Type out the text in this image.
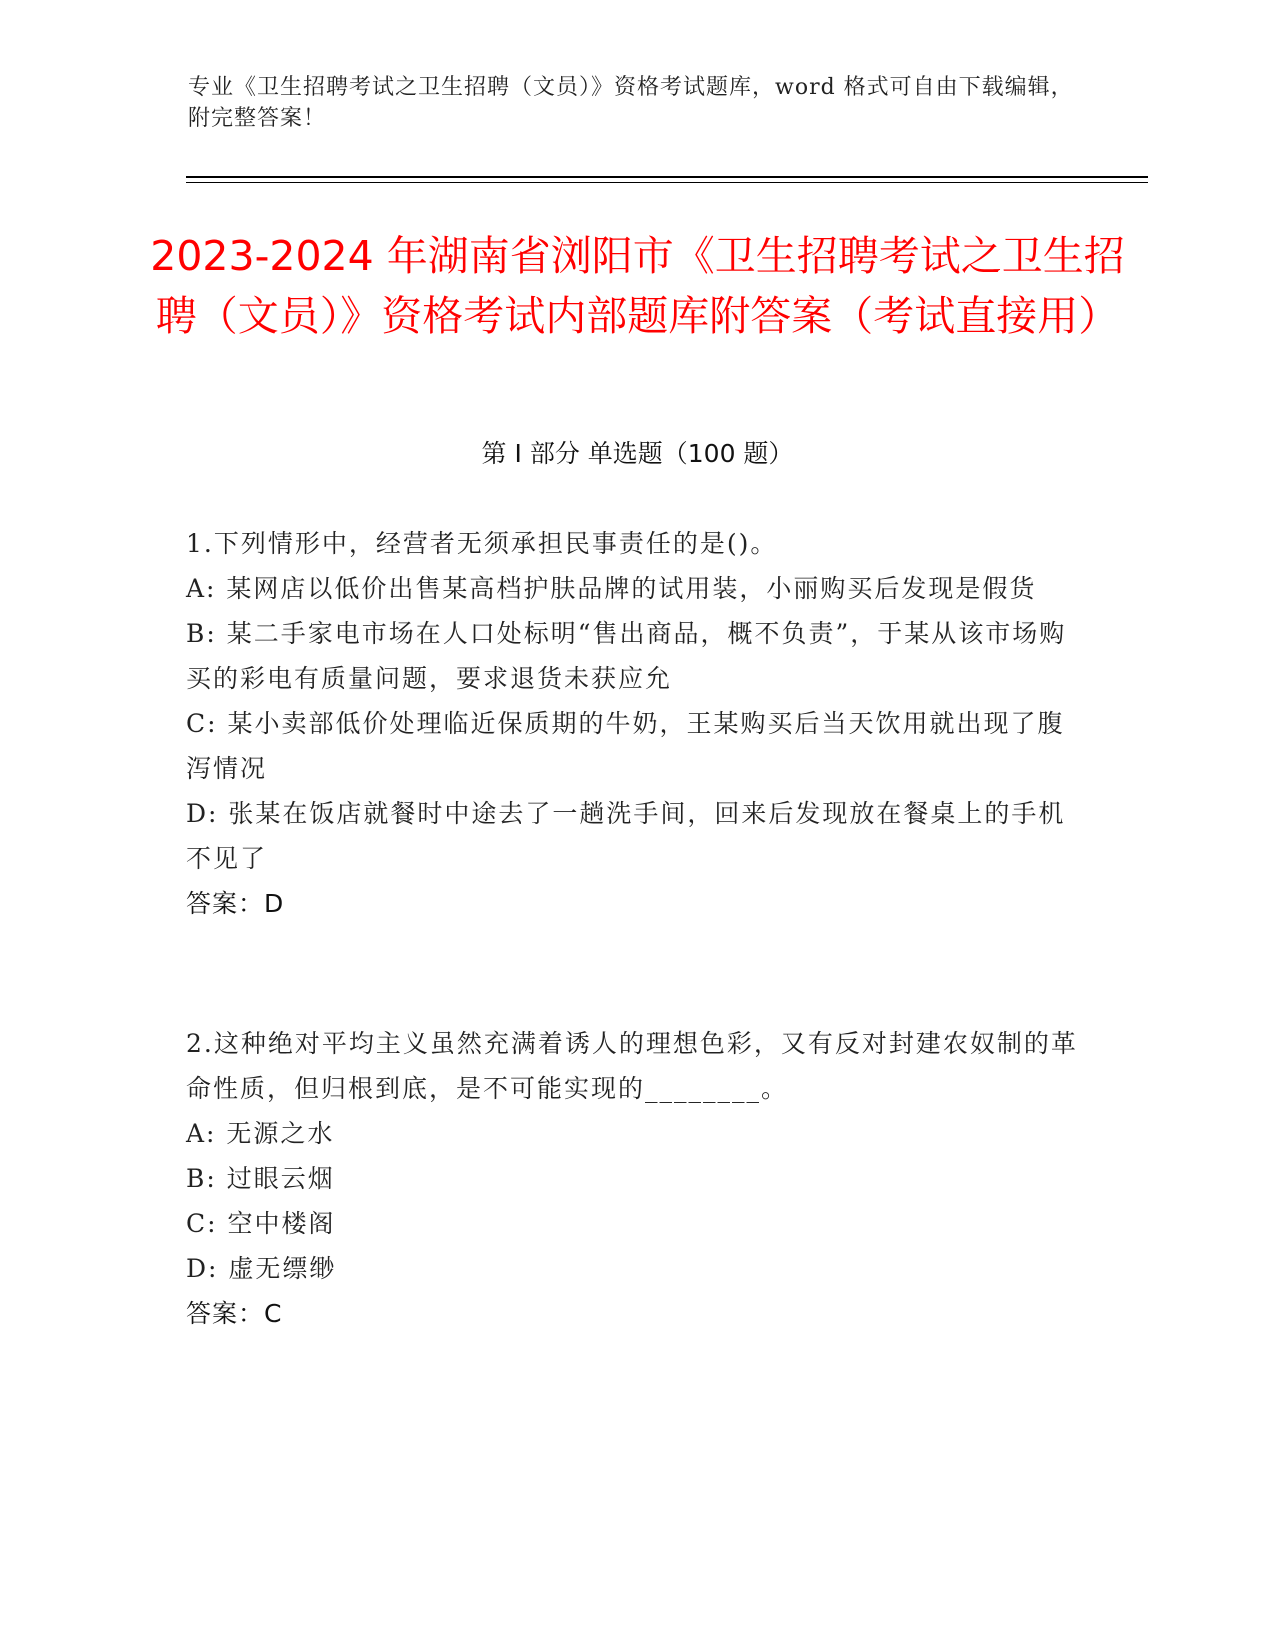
专业《卫生招聘考试之卫生招聘（文员）》资格考试题库，word 格式可自由下载编辑，附完整答案！
2023-2024 年湖南省浏阳市《卫生招聘考试之卫生招聘（文员）》资格考试内部题库附答案（考试直接用）
第 I 部分 单选题（100 题）
1.下列情形中，经营者无须承担民事责任的是()。
A: 某网店以低价出售某高档护肤品牌的试用装，小丽购买后发现是假货
B: 某二手家电市场在人口处标明“售出商品，概不负责”，于某从该市场购买的彩电有质量问题，要求退货未获应允
C: 某小卖部低价处理临近保质期的牛奶，王某购买后当天饮用就出现了腹泻情况
D: 张某在饭店就餐时中途去了一趟洗手间，回来后发现放在餐桌上的手机不见了
答案：D
2.这种绝对平均主义虽然充满着诱人的理想色彩，又有反对封建农奴制的革命性质，但归根到底，是不可能实现的________。
A: 无源之水
B: 过眼云烟
C: 空中楼阁
D: 虚无缥缈
答案：C
